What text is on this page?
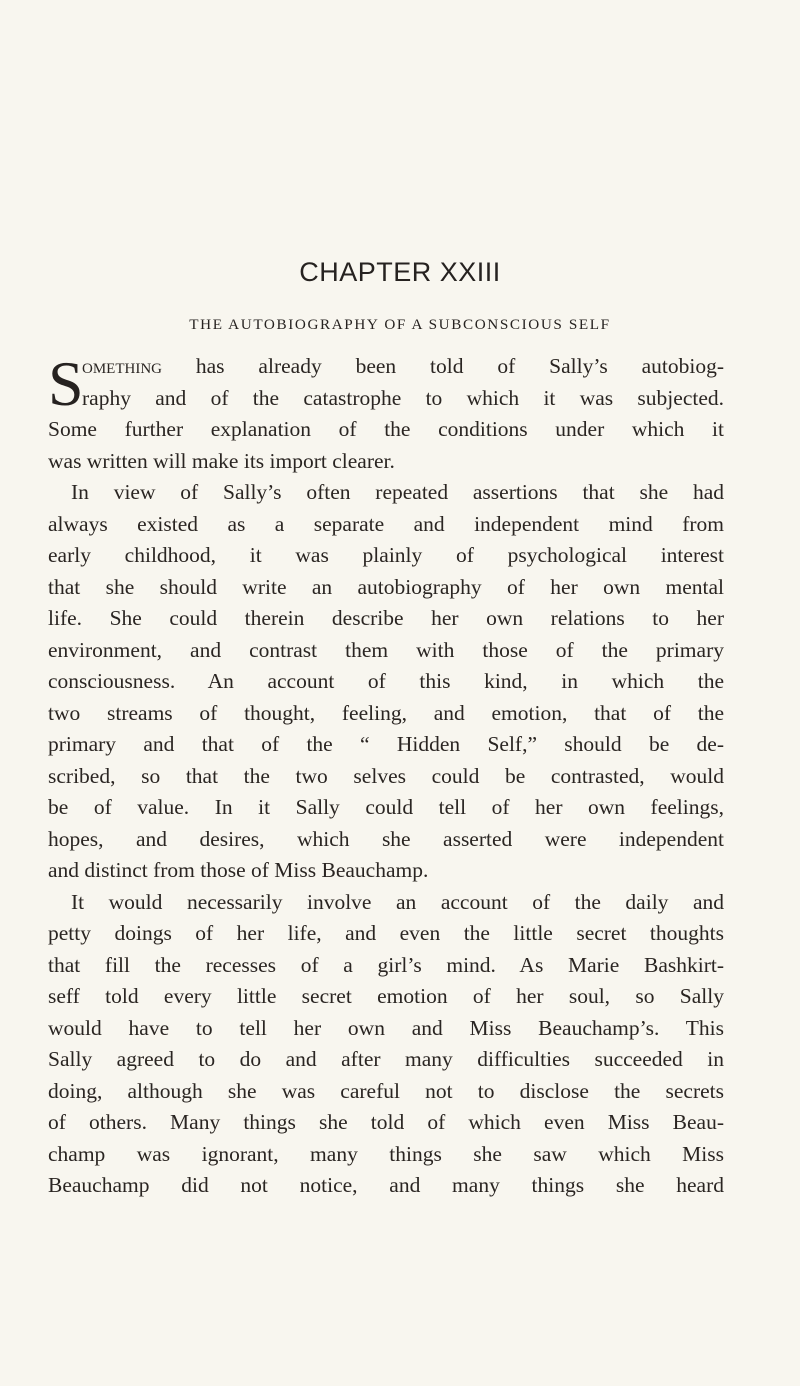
CHAPTER XXIII
THE AUTOBIOGRAPHY OF A SUBCONSCIOUS SELF
S
omething has already been told of Sally’s autobiog-
raphy and of the catastrophe to which it was subjected.
Some further explanation of the conditions under which it
was written will make its import clearer.
In view of Sally’s often repeated assertions that she had
always existed as a separate and independent mind from
early childhood, it was plainly of psychological interest
that she should write an autobiography of her own mental
life. She could therein describe her own relations to her
environment, and contrast them with those of the primary
consciousness. An account of this kind, in which the
two streams of thought, feeling, and emotion, that of the
primary and that of the “ Hidden Self,” should be de-
scribed, so that the two selves could be contrasted, would
be of value. In it Sally could tell of her own feelings,
hopes, and desires, which she asserted were independent
and distinct from those of Miss Beauchamp.
It would necessarily involve an account of the daily and
petty doings of her life, and even the little secret thoughts
that fill the recesses of a girl’s mind. As Marie Bashkirt-
seff told every little secret emotion of her soul, so Sally
would have to tell her own and Miss Beauchamp’s. This
Sally agreed to do and after many difficulties succeeded in
doing, although she was careful not to disclose the secrets
of others. Many things she told of which even Miss Beau-
champ was ignorant, many things she saw which Miss
Beauchamp did not notice, and many things she heard
